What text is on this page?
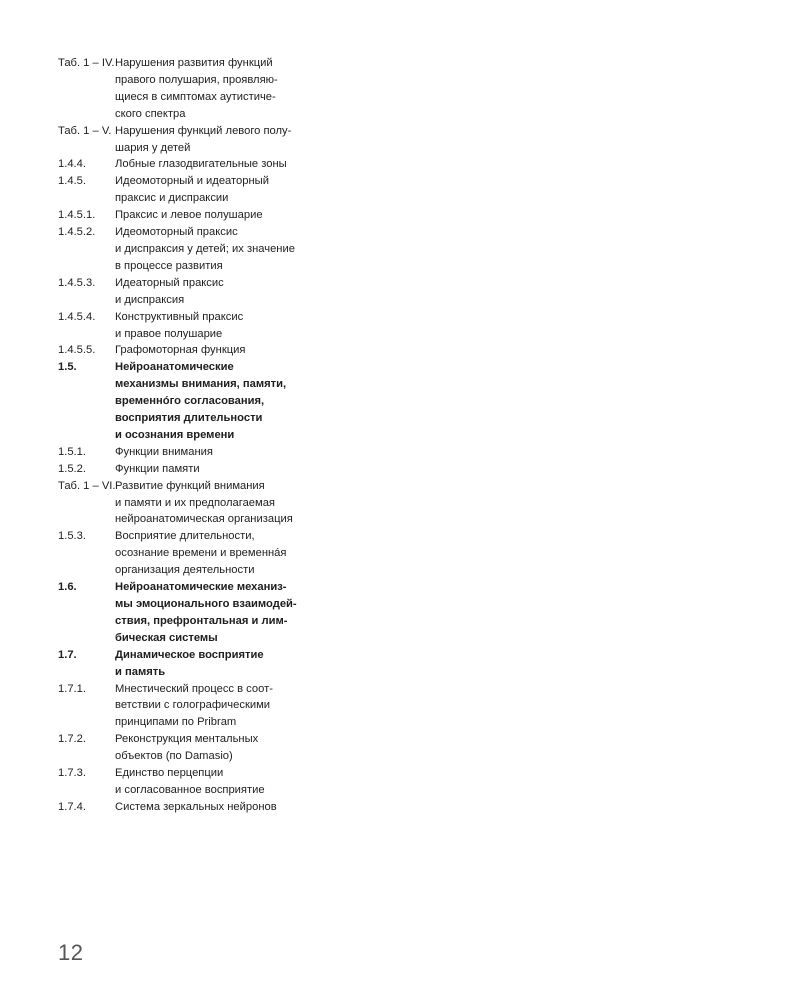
Таб. 1 – IV. Нарушения развития функций
правого полушария, проявляю-
щиеся в симптомах аутистиче-
ского спектра
Таб. 1 – V. Нарушения функций левого полу-
шария у детей
1.4.4.	Лобные глазодвигательные зоны
1.4.5.	Идеомоторный и идеаторный
праксис и диспраксии
1.4.5.1.	Праксис и левое полушарие
1.4.5.2.	Идеомоторный праксис
и диспраксия у детей; их значение
в процессе развития
1.4.5.3.	Идеаторный праксис
и диспраксия
1.4.5.4.	Конструктивный праксис
и правое полушарие
1.4.5.5.	Графомоторная функция
1.5.	Нейроанатомические
механизмы внимания, памяти,
временнóго согласования,
восприятия длительности
и осознания времени
1.5.1.	Функции внимания
1.5.2.	Функции памяти
Таб. 1 – VI. Развитие функций внимания
и памяти и их предполагаемая
нейроанатомическая организация
1.5.3.	Восприятие длительности,
осознание времени и временнáя
организация деятельности
1.6.	Нейроанатомические механиз-
мы эмоционального взаимодей-
ствия, префронтальная и лим-
бическая системы
1.7.	Динамическое восприятие
и память
1.7.1.	Мнестический процесс в соот-
ветствии с голографическими
принципами по Pribram
1.7.2.	Реконструкция ментальных
объектов (по Damasio)
1.7.3.	Единство перцепции
и согласованное восприятие
1.7.4.	Система зеркальных нейронов
12
